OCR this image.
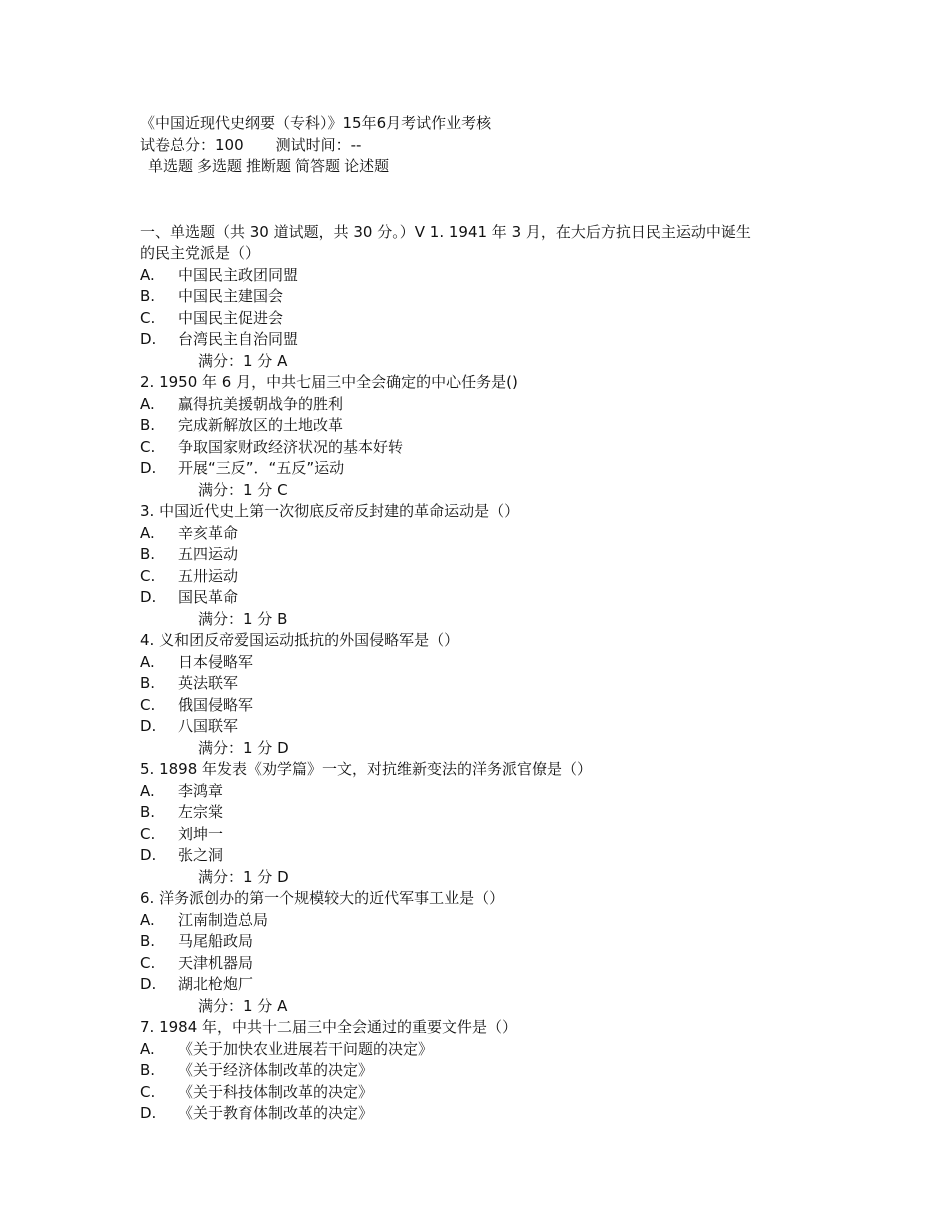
《中国近现代史纲要（专科）》15年6月考试作业考核
试卷总分：100 测试时间：--
单选题 多选题 推断题 简答题 论述题
一、单选题（共 30 道试题，共 30 分。）V 1. 1941 年 3 月，在大后方抗日民主运动中诞生
的民主党派是（）
A. 中国民主政团同盟
B. 中国民主建国会
C. 中国民主促进会
D. 台湾民主自治同盟
满分：1 分 A
2. 1950 年 6 月，中共七届三中全会确定的中心任务是()
A. 赢得抗美援朝战争的胜利
B. 完成新解放区的土地改革
C. 争取国家财政经济状况的基本好转
D. 开展“三反”．“五反”运动
满分：1 分 C
3. 中国近代史上第一次彻底反帝反封建的革命运动是（）
A. 辛亥革命
B. 五四运动
C. 五卅运动
D. 国民革命
满分：1 分 B
4. 义和团反帝爱国运动抵抗的外国侵略军是（）
A. 日本侵略军
B. 英法联军
C. 俄国侵略军
D. 八国联军
满分：1 分 D
5. 1898 年发表《劝学篇》一文，对抗维新变法的洋务派官僚是（）
A. 李鸿章
B. 左宗棠
C. 刘坤一
D. 张之洞
满分：1 分 D
6. 洋务派创办的第一个规模较大的近代军事工业是（）
A. 江南制造总局
B. 马尾船政局
C. 天津机器局
D. 湖北枪炮厂
满分：1 分 A
7. 1984 年，中共十二届三中全会通过的重要文件是（）
A. 《关于加快农业进展若干问题的决定》
B. 《关于经济体制改革的决定》
C. 《关于科技体制改革的决定》
D. 《关于教育体制改革的决定》
